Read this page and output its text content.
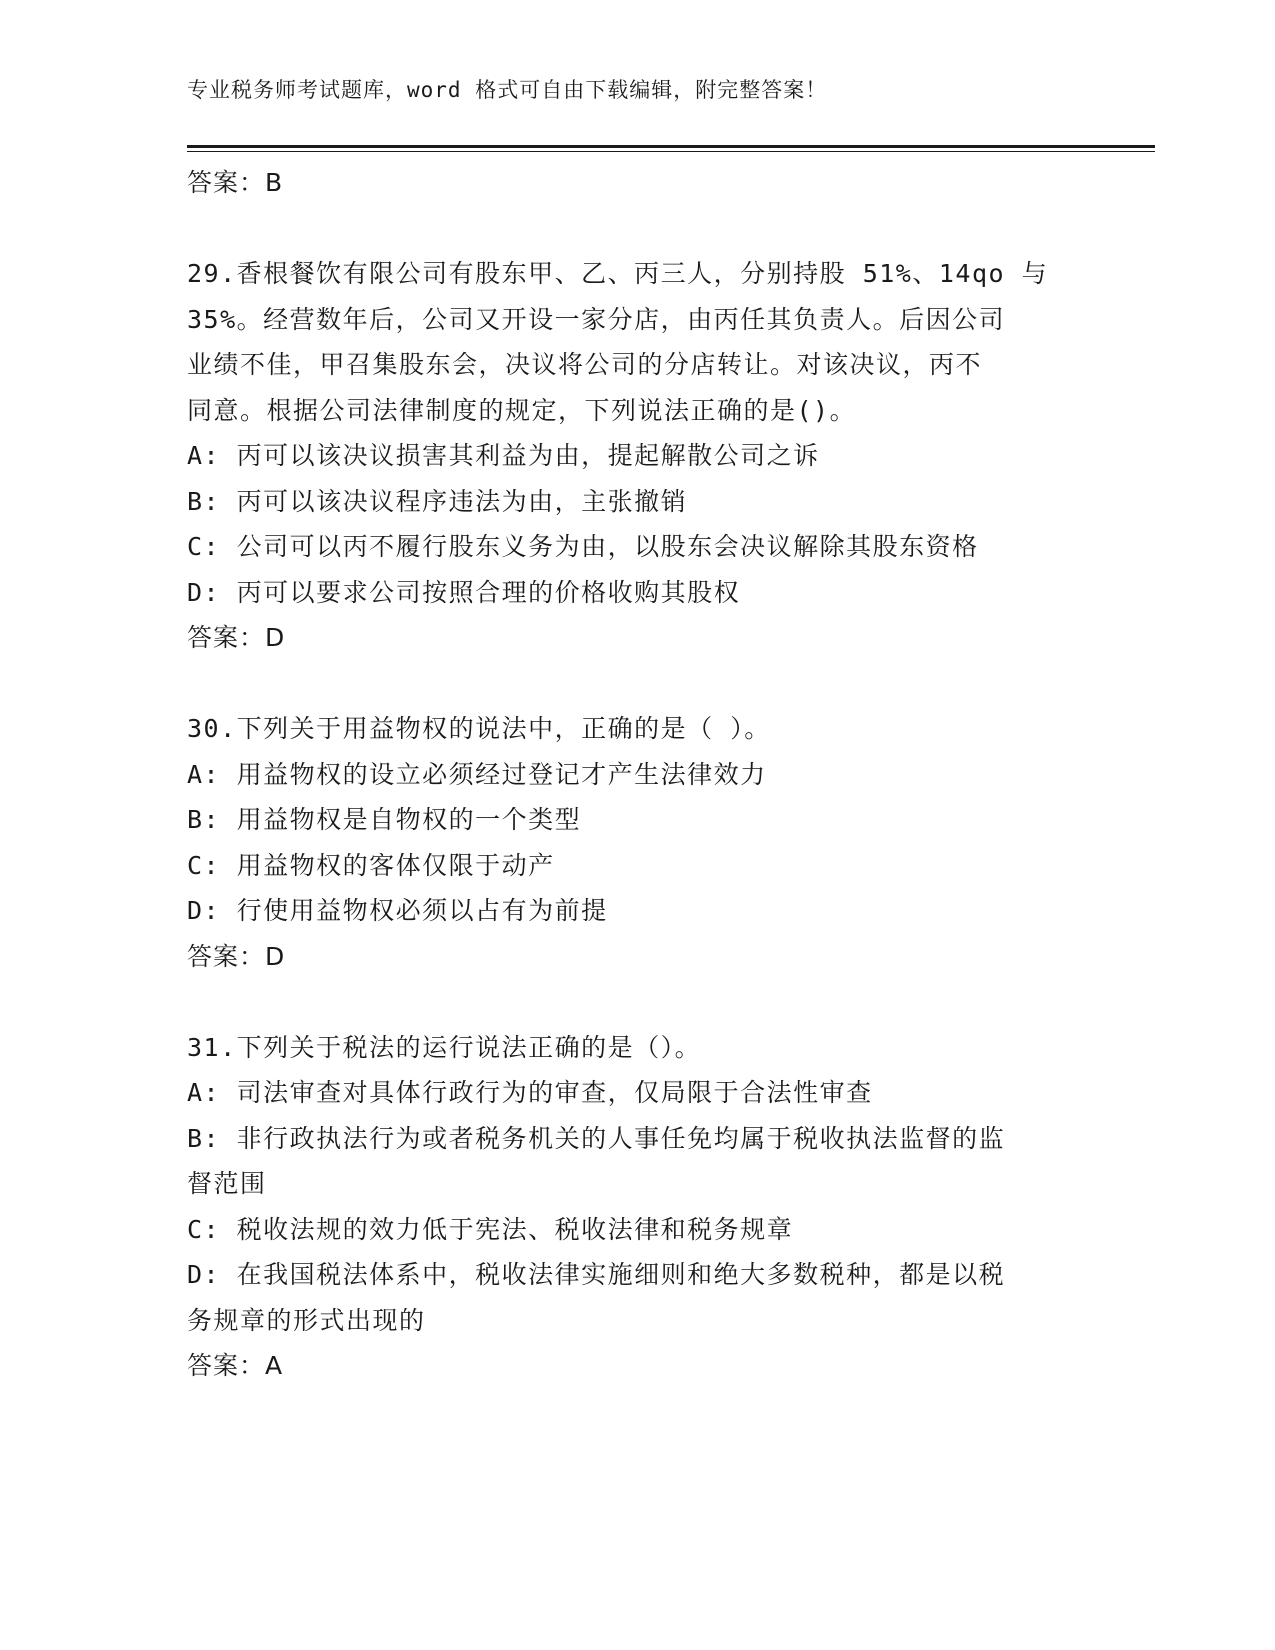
专业税务师考试题库，word 格式可自由下载编辑，附完整答案！
答案：B
29.香根餐饮有限公司有股东甲、乙、丙三人，分别持股 51%、14qo 与
35%。经营数年后，公司又开设一家分店，由丙任其负责人。后因公司
业绩不佳，甲召集股东会，决议将公司的分店转让。对该决议，丙不
同意。根据公司法律制度的规定，下列说法正确的是()。
A: 丙可以该决议损害其利益为由，提起解散公司之诉
B: 丙可以该决议程序违法为由，主张撤销
C: 公司可以丙不履行股东义务为由，以股东会决议解除其股东资格
D: 丙可以要求公司按照合理的价格收购其股权
答案：D
30.下列关于用益物权的说法中，正确的是（ ）。
A: 用益物权的设立必须经过登记才产生法律效力
B: 用益物权是自物权的一个类型
C: 用益物权的客体仅限于动产
D: 行使用益物权必须以占有为前提
答案：D
31.下列关于税法的运行说法正确的是（）。
A: 司法审查对具体行政行为的审查，仅局限于合法性审查
B: 非行政执法行为或者税务机关的人事任免均属于税收执法监督的监
督范围
C: 税收法规的效力低于宪法、税收法律和税务规章
D: 在我国税法体系中，税收法律实施细则和绝大多数税种，都是以税
务规章的形式出现的
答案：A
